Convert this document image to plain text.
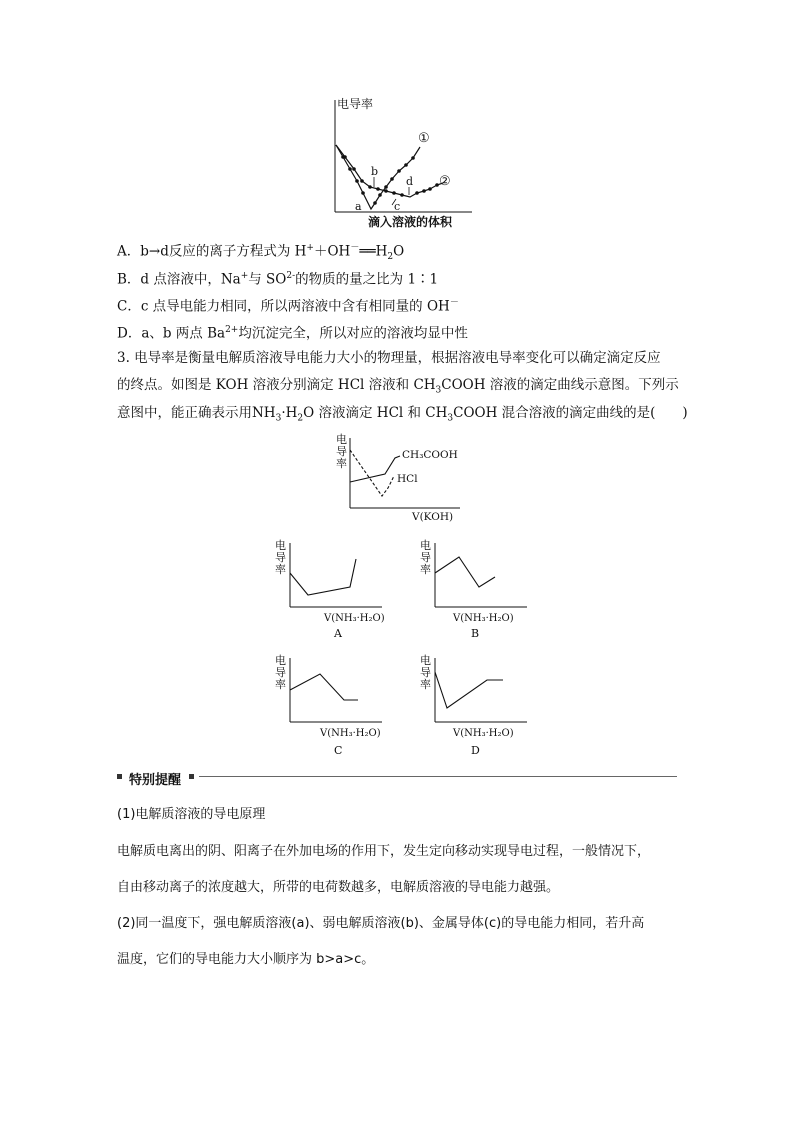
电导率
①
②
a
b
c
d
滴入溶液的体积
A．b→d反应的离子方程式为 $H^++OH^-══H_2O$
B．d 点溶液中，Na+与 $SO^{2-}$的物质的量之比为 1∶1
C．c 点导电能力相同，所以两溶液中含有相同量的 OH－
D．a、b 两点 $Ba^{2+}$均沉淀完全，所以对应的溶液均显中性
3. 电导率是衡量电解质溶液导电能力大小的物理量，根据溶液电导率变化可以确定滴定反应
的终点。如图是 KOH 溶液分别滴定 HCl 溶液和 $CH_3COOH$ 溶液的滴定曲线示意图。下列示
意图中，能正确表示用$NH_3\cdot H_2O$ 溶液滴定 HCl 和 $CH_3COOH$ 混合溶液的滴定曲线的是(　　)
电
导
率
CH₃COOH
HCl
V(KOH)
电
导
率
V(NH₃·H₂O)
A
电
导
率
V(NH₃·H₂O)
B
电
导
率
V(NH₃·H₂O)
C
电
导
率
V(NH₃·H₂O)
D
特别提醒
(1)电解质溶液的导电原理
电解质电离出的阴、阳离子在外加电场的作用下，发生定向移动实现导电过程，一般情况下，
自由移动离子的浓度越大，所带的电荷数越多，电解质溶液的导电能力越强。
(2)同一温度下，强电解质溶液(a)、弱电解质溶液(b)、金属导体(c)的导电能力相同，若升高
温度，它们的导电能力大小顺序为 b>a>c。
